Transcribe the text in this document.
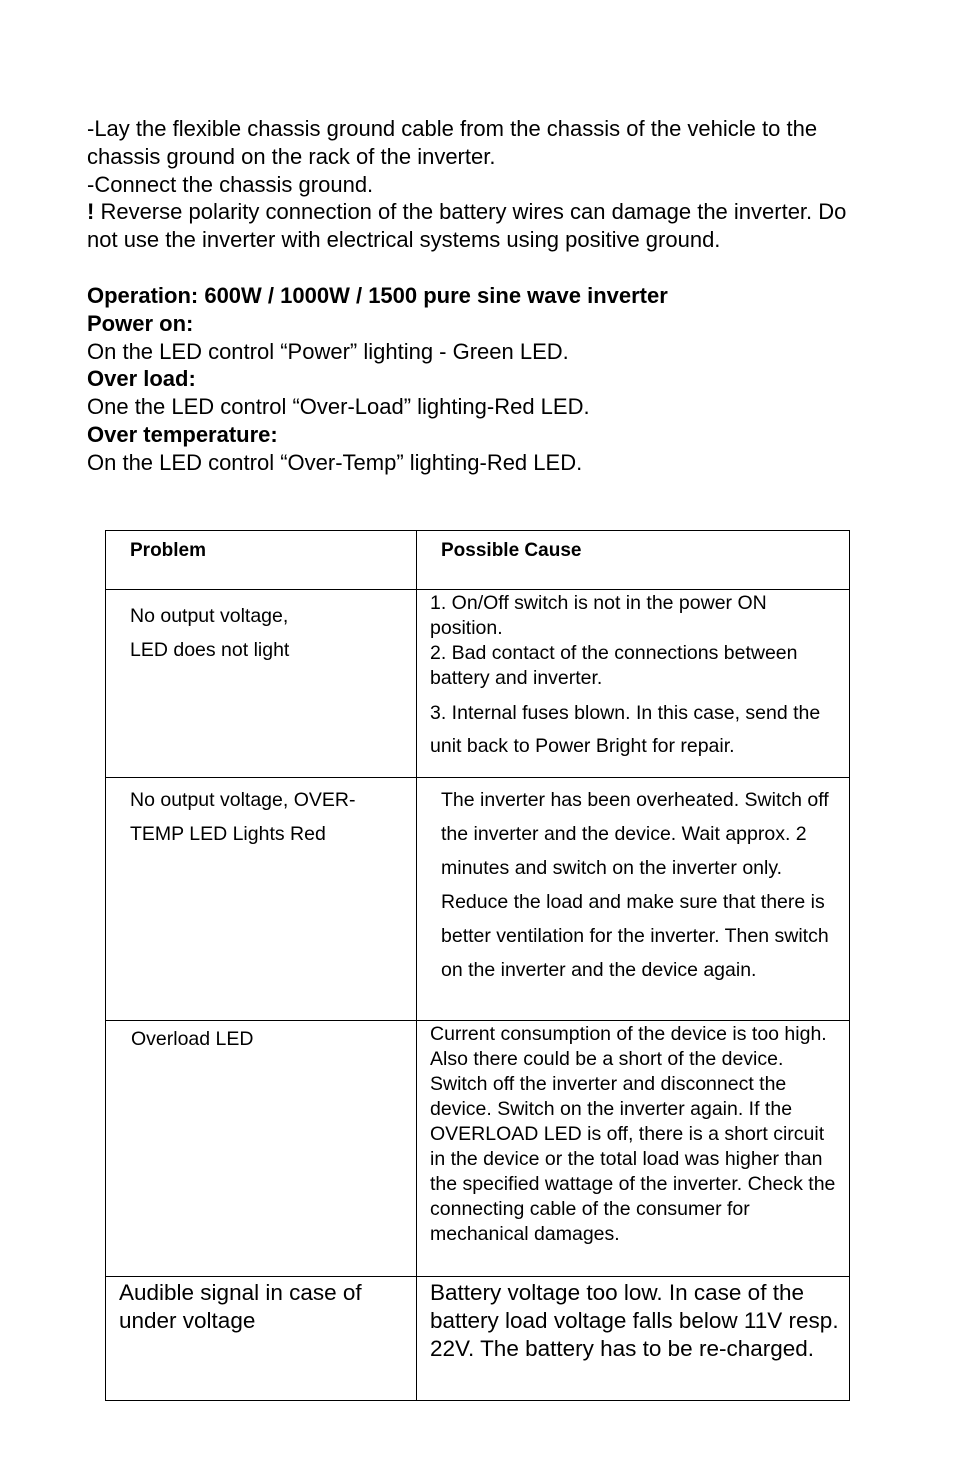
-Lay the flexible chassis ground cable from the chassis of the vehicle to the chassis ground on the rack of the inverter.

-Connect the chassis ground.

! Reverse polarity connection of the battery wires can damage the inverter. Do not use the inverter with electrical systems using positive ground.

Operation: 600W / 1000W / 1500 pure sine wave inverter

Power on:

On the LED control “Power” lighting - Green LED.

Over load:

One the LED control “Over-Load” lighting-Red LED.

Over temperature:

On the LED control “Over-Temp” lighting-Red LED.

Problem	Possible Cause

No output voltage,
LED does not light	1. On/Off switch is not in the power ON position.
2. Bad contact of the connections between battery and inverter.
3. Internal fuses blown. In this case, send the unit back to Power Bright for repair.

No output voltage, OVER-
TEMP LED Lights Red	The inverter has been overheated. Switch off the inverter and the device. Wait approx. 2 minutes and switch on the inverter only. Reduce the load and make sure that there is better ventilation for the inverter. Then switch on the inverter and the device again.
Overload LED	Current consumption of the device is too high. Also there could be a short of the device. Switch off the inverter and disconnect the device. Switch on the inverter again. If the OVERLOAD LED is off, there is a short circuit in the device or the total load was higher than the specified wattage of the inverter. Check the connecting cable of the consumer for mechanical damages.
Audible signal in case of under voltage	Battery voltage too low. In case of the battery load voltage falls below 11V resp. 22V. The battery has to be re-charged.
